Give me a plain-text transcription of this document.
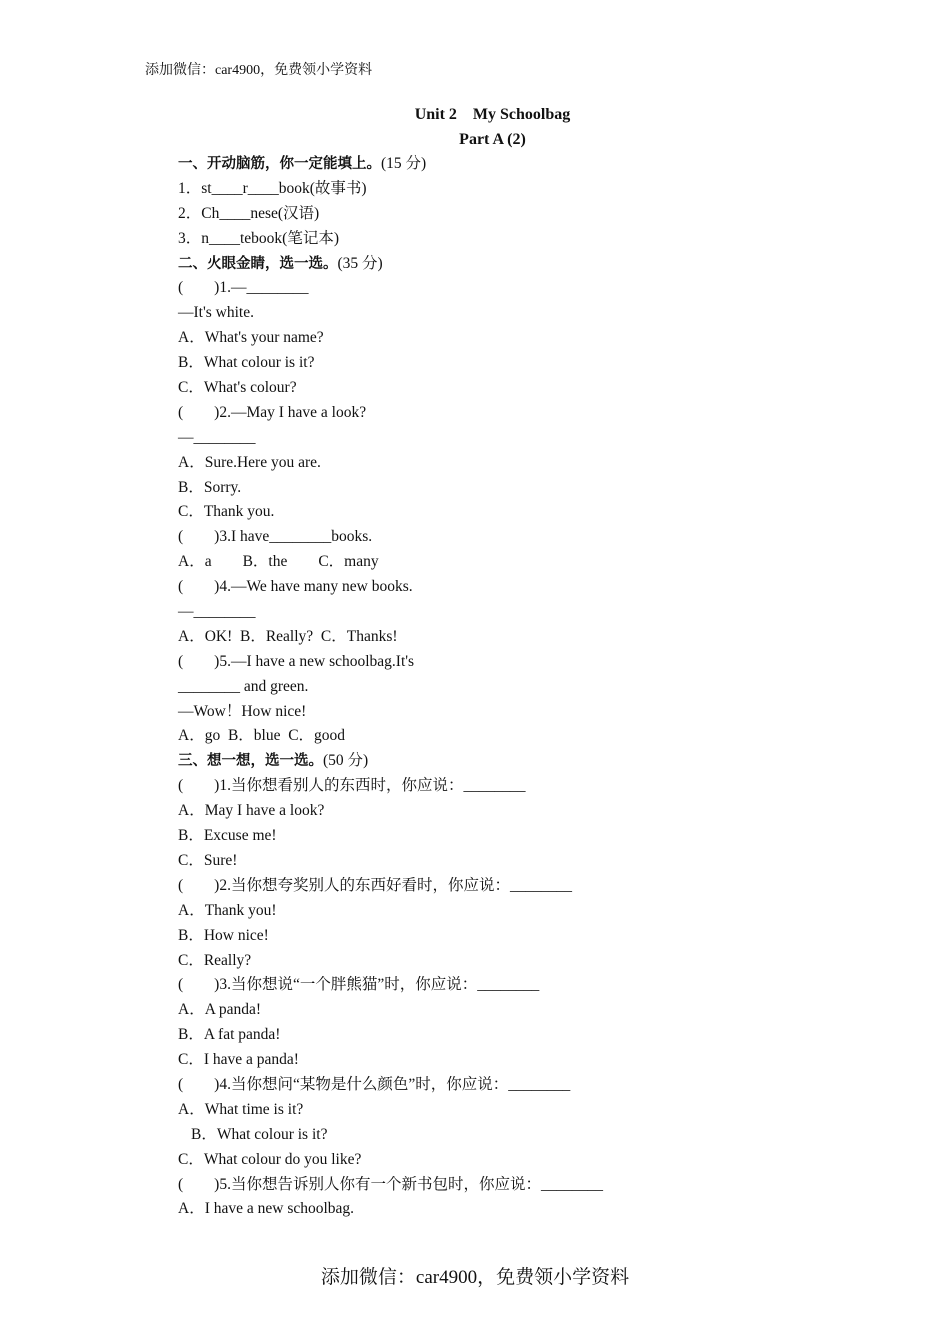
添加微信：car4900，免费领小学资料
Unit 2　My Schoolbag
Part A (2)
一、开动脑筋，你一定能填上。(15 分)
1．st____r____book(故事书)
2．Ch____nese(汉语)
3．n____tebook(笔记本)
二、火眼金睛，选一选。(35 分)
(　　)1.—________
—It's white.
A．What's your name?
B．What colour is it?
C．What's colour?
(　　)2.—May I have a look?
—________
A．Sure.Here you are.
B．Sorry.
C．Thank you.
(　　)3.I have________books.
A．a　　B．the　　C．many
(　　)4.—We have many new books.
—________
A．OK!  B．Really?  C．Thanks!
(　　)5.—I have a new schoolbag.It's
________ and green.
—Wow！How nice!
A．go  B．blue  C．good
三、想一想，选一选。(50 分)
(　　)1.当你想看别人的东西时，你应说：________
A．May I have a look?
B．Excuse me!
C．Sure!
(　　)2.当你想夸奖别人的东西好看时，你应说：________
A．Thank you!
B．How nice!
C．Really?
(　　)3.当你想说“一个胖熊猫”时，你应说：________
A．A panda!
B．A fat panda!
C．I have a panda!
(　　)4.当你想问“某物是什么颜色”时，你应说：________
A．What time is it?
B．What colour is it?
C．What colour do you like?
(　　)5.当你想告诉别人你有一个新书包时，你应说：________
A．I have a new schoolbag.
添加微信：car4900，免费领小学资料
